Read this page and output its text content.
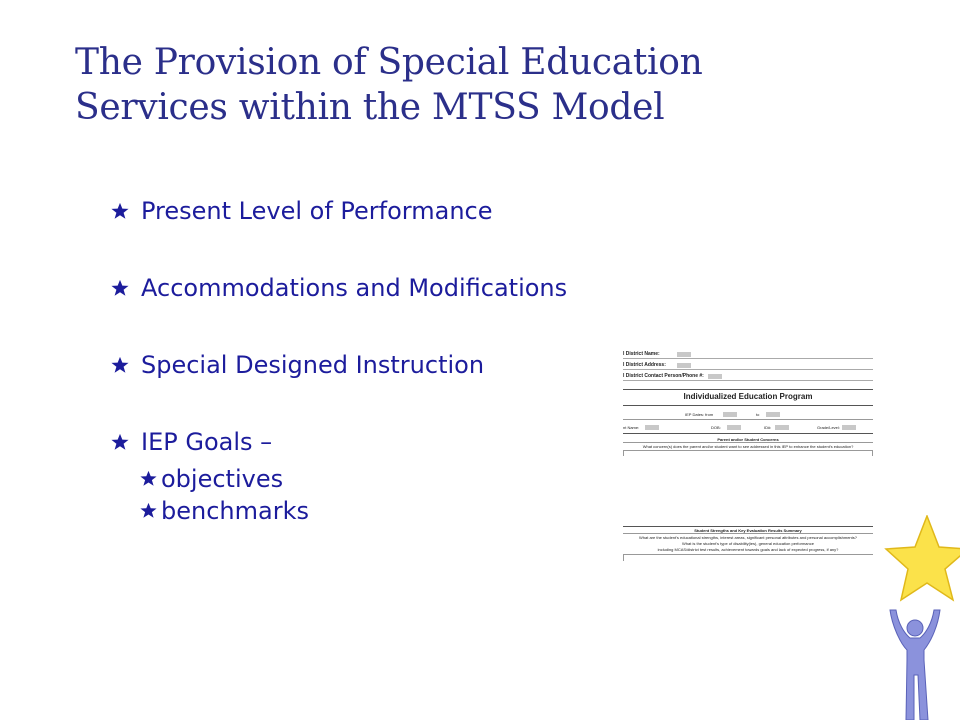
The Provision of Special Education
Services within the MTSS Model
Present Level of Performance
Accommodations and Modifications
Special Designed Instruction
IEP Goals –
objectives
benchmarks
l District Name:
l District Address:
l District Contact Person/Phone #:
Individualized Education Program
IEP Dates: from	to
nt Name:	DOB:	ID#:	Grade/Level:
Parent and/or Student Concerns
What concern(s) does the parent and/or student want to see addressed in this IEP to enhance the student's education?
Student Strengths and Key Evaluation Results Summary
What are the student's educational strengths, interest areas, significant personal attributes and personal accomplishments?
What is the student's type of disability(ies), general education performance
including MCAS/district test results, achievement towards goals and lack of expected progress, if any?
